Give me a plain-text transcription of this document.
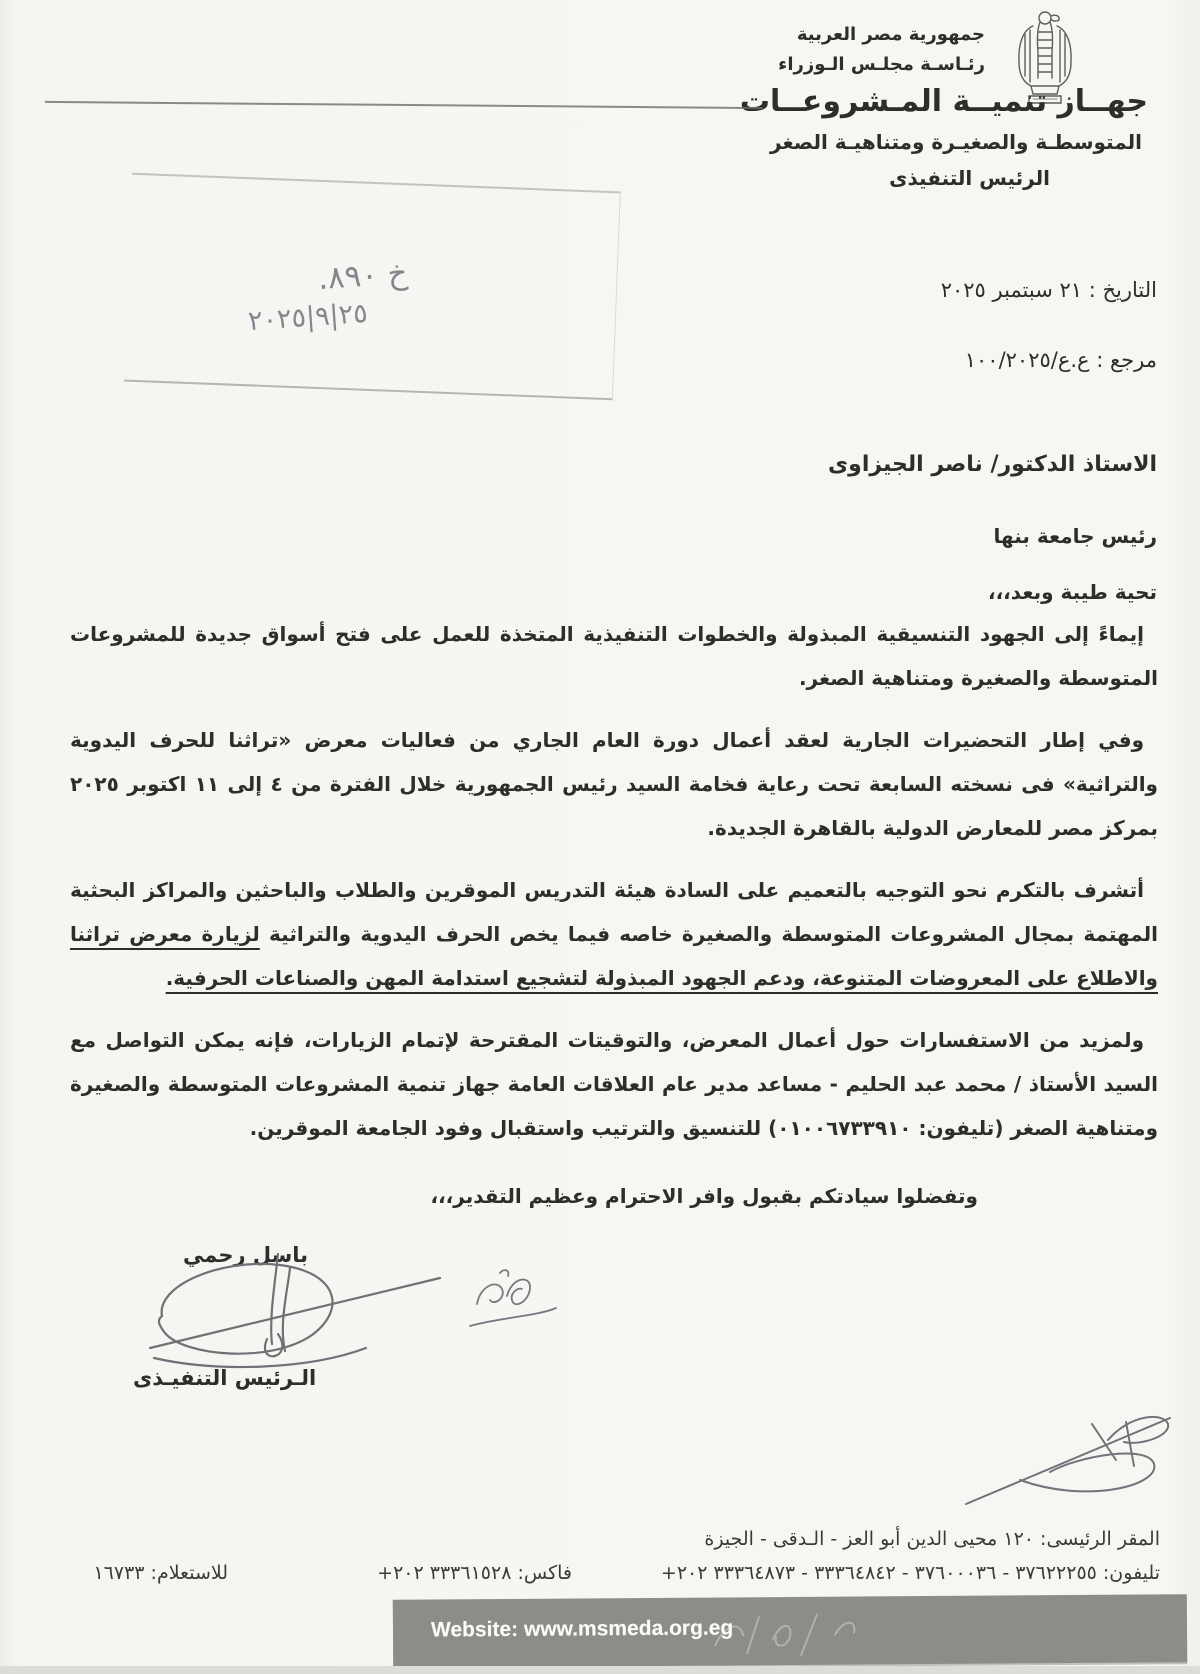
جمهورية مصر العربية
رئـاسـة مجلـس الـوزراء
جهــاز تنميــة المـشروعــات
المتوسطـة والصغيـرة ومتناهيـة الصغر
الرئيس التنفيذى
خ ٨٩٠.
٢٥|٩|٢٠٢٥
التاريخ : ٢١ سبتمبر ٢٠٢٥
مرجع : ع.ع/١٠٠/٢٠٢٥
الاستاذ الدكتور/ ناصر الجيزاوى
رئيس جامعة بنها
تحية طيبة وبعد،،،

إيماءً إلى الجهود التنسيقية المبذولة والخطوات التنفيذية المتخذة للعمل على فتح أسواق جديدة للمشروعات المتوسطة والصغيرة ومتناهية الصغر.

وفي إطار التحضيرات الجارية لعقد أعمال دورة العام الجاري من فعاليات معرض «تراثنا للحرف اليدوية والتراثية» فى نسخته السابعة تحت رعاية فخامة السيد رئيس الجمهورية خلال الفترة من ٤ إلى ١١ اكتوبر ٢٠٢٥ بمركز مصر للمعارض الدولية بالقاهرة الجديدة.

أتشرف بالتكرم نحو التوجيه بالتعميم على السادة هيئة التدريس الموقرين والطلاب والباحثين والمراكز البحثية المهتمة بمجال المشروعات المتوسطة والصغيرة خاصه فيما يخص الحرف اليدوية والتراثية لزيارة معرض تراثنا والاطلاع على المعروضات المتنوعة، ودعم الجهود المبذولة لتشجيع استدامة المهن والصناعات الحرفية.

ولمزيد من الاستفسارات حول أعمال المعرض، والتوقيتات المقترحة لإتمام الزيارات، فإنه يمكن التواصل مع السيد الأستاذ / محمد عبد الحليم - مساعد مدير عام العلاقات العامة جهاز تنمية المشروعات المتوسطة والصغيرة ومتناهية الصغر (تليفون: ٠١٠٠٦٧٣٣٩١٠) للتنسيق والترتيب واستقبال وفود الجامعة الموقرين.

وتفضلوا سيادتكم بقبول وافر الاحترام وعظيم التقدير،،،

باسل رحمي
الـرئيس التنفيـذى
المقر الرئيسى: ١٢٠ محيى الدين أبو العز - الـدقى - الجيزة
تليفون: ٣٧٦٢٢٢٥٥ - ٣٧٦٠٠٠٣٦ - ٣٣٣٦٤٨٤٢ - ٣٣٣٦٤٨٧٣ ٢٠٢+
فاكس: ٣٣٣٦١٥٢٨ ٢٠٢+
للاستعلام: ١٦٧٣٣
Website: www.msmeda.org.eg
